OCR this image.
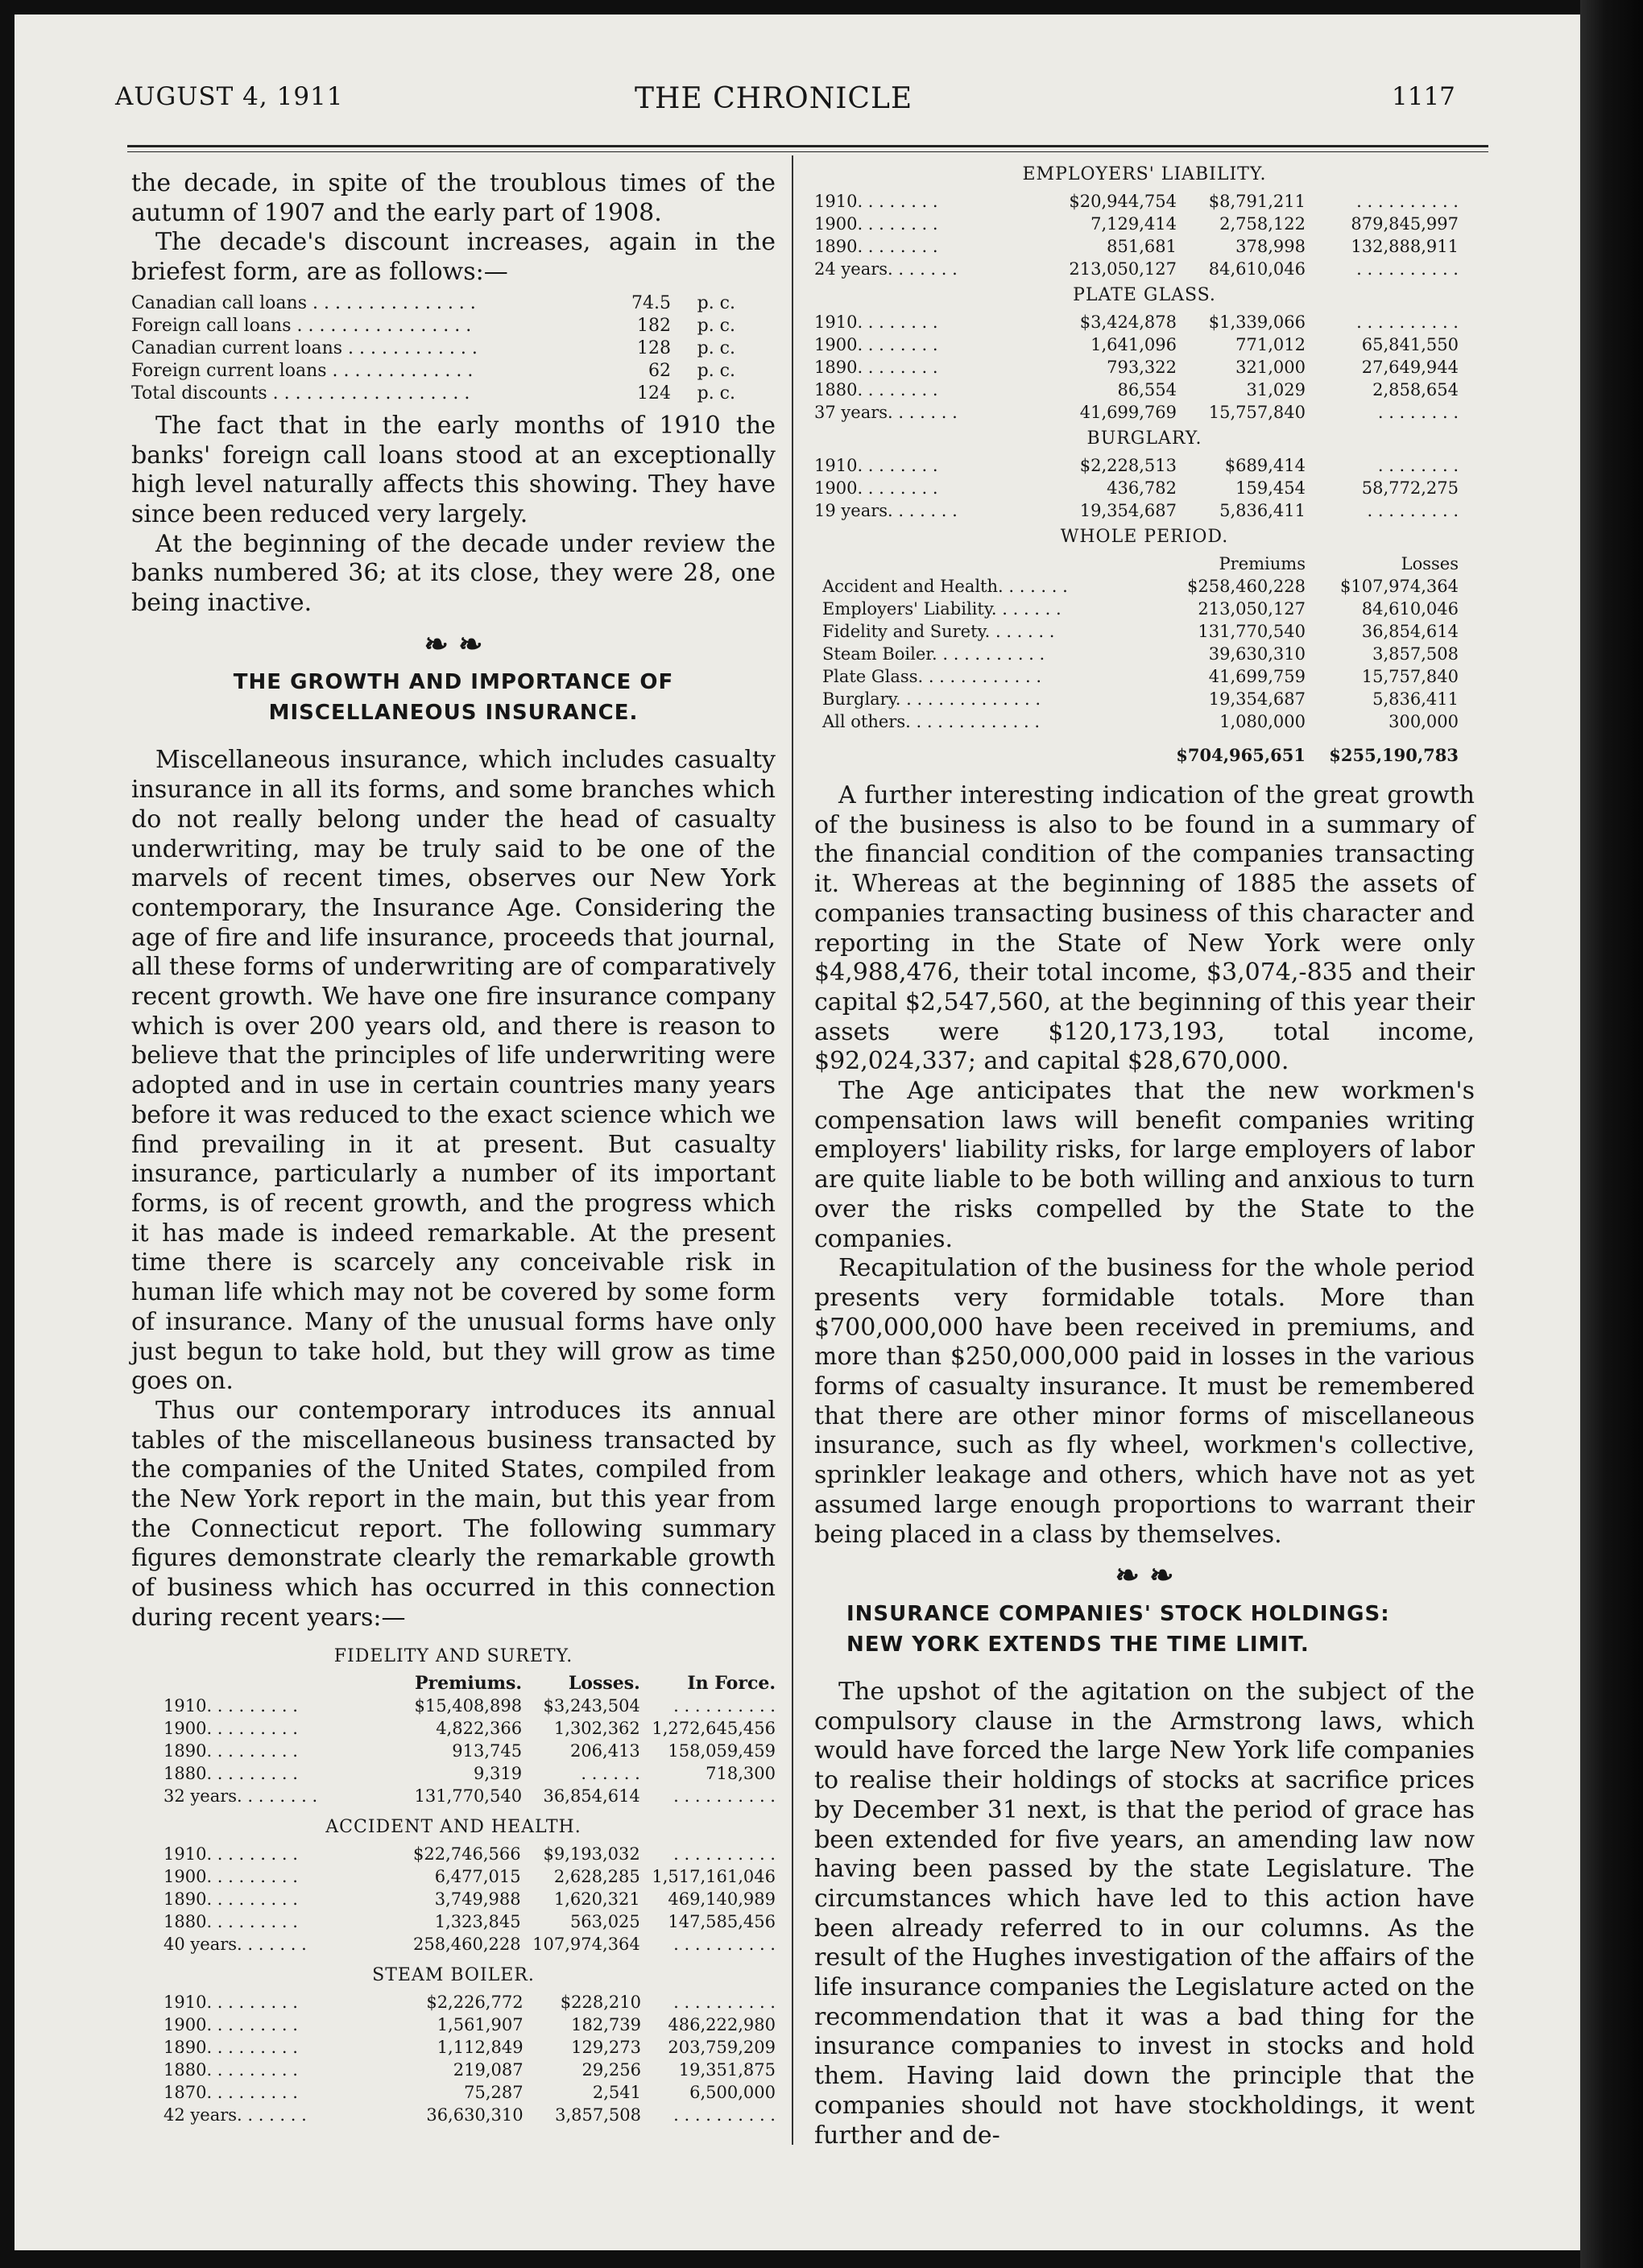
AUGUST 4, 1911	THE CHRONICLE	1117

the decade, in spite of the troublous times of the autumn of 1907 and the early part of 1908.

The decade's discount increases, again in the briefest form, are as follows:—

Canadian call loans . . . . . . . . . . . . . . .	74.5	p. c.
Foreign call loans . . . . . . . . . . . . . . . .	182	p. c.
Canadian current loans . . . . . . . . . . . .	128	p. c.
Foreign current loans . . . . . . . . . . . . .	62	p. c.
Total discounts . . . . . . . . . . . . . . . . . .	124	p. c.

The fact that in the early months of 1910 the banks' foreign call loans stood at an exceptionally high level naturally affects this showing. They have since been reduced very largely.

At the beginning of the decade under review the banks numbered 36; at its close, they were 28, one being inactive.

❧ ❧
THE GROWTH AND IMPORTANCE OF
MISCELLANEOUS INSURANCE.

Miscellaneous insurance, which includes casualty insurance in all its forms, and some branches which do not really belong under the head of casualty underwriting, may be truly said to be one of the marvels of recent times, observes our New York contemporary, the Insurance Age. Considering the age of fire and life insurance, proceeds that journal, all these forms of underwriting are of comparatively recent growth. We have one fire insurance company which is over 200 years old, and there is reason to believe that the principles of life underwriting were adopted and in use in certain countries many years before it was reduced to the exact science which we find prevailing in it at present. But casualty insurance, particularly a number of its important forms, is of recent growth, and the progress which it has made is indeed remarkable. At the present time there is scarcely any conceivable risk in human life which may not be covered by some form of insurance. Many of the unusual forms have only just begun to take hold, but they will grow as time goes on.

Thus our contemporary introduces its annual tables of the miscellaneous business transacted by the companies of the United States, compiled from the New York report in the main, but this year from the Connecticut report. The following summary figures demonstrate clearly the remarkable growth of business which has occurred in this connection during recent years:—

FIDELITY AND SURETY.
	Premiums.	Losses.	In Force.
1910. . . . . . . . .	$15,408,898	$3,243,504	. . . . . . . . . .
1900. . . . . . . . .	4,822,366	1,302,362	1,272,645,456
1890. . . . . . . . .	913,745	206,413	158,059,459
1880. . . . . . . . .	9,319	. . . . . .	718,300
32 years. . . . . . . .	131,770,540	36,854,614	. . . . . . . . . .
ACCIDENT AND HEALTH.
1910. . . . . . . . .	$22,746,566	$9,193,032	. . . . . . . . . .
1900. . . . . . . . .	6,477,015	2,628,285	1,517,161,046
1890. . . . . . . . .	3,749,988	1,620,321	469,140,989
1880. . . . . . . . .	1,323,845	563,025	147,585,456
40 years. . . . . . .	258,460,228	107,974,364	. . . . . . . . . .
STEAM BOILER.
1910. . . . . . . . .	$2,226,772	$228,210	. . . . . . . . . .
1900. . . . . . . . .	1,561,907	182,739	486,222,980
1890. . . . . . . . .	1,112,849	129,273	203,759,209
1880. . . . . . . . .	219,087	29,256	19,351,875
1870. . . . . . . . .	75,287	2,541	6,500,000
42 years. . . . . . .	36,630,310	3,857,508	. . . . . . . . . .
EMPLOYERS' LIABILITY.
1910. . . . . . . .	$20,944,754	$8,791,211	. . . . . . . . . .
1900. . . . . . . .	7,129,414	2,758,122	879,845,997
1890. . . . . . . .	851,681	378,998	132,888,911
24 years. . . . . . .	213,050,127	84,610,046	. . . . . . . . . .
PLATE GLASS.
1910. . . . . . . .	$3,424,878	$1,339,066	. . . . . . . . . .
1900. . . . . . . .	1,641,096	771,012	65,841,550
1890. . . . . . . .	793,322	321,000	27,649,944
1880. . . . . . . .	86,554	31,029	2,858,654
37 years. . . . . . .	41,699,769	15,757,840	. . . . . . . .
BURGLARY.
1910. . . . . . . .	$2,228,513	$689,414	. . . . . . . .
1900. . . . . . . .	436,782	159,454	58,772,275
19 years. . . . . . .	19,354,687	5,836,411	. . . . . . . . .
WHOLE PERIOD.
	Premiums	Losses
Accident and Health. . . . . . .	$258,460,228	$107,974,364
Employers' Liability. . . . . . .	213,050,127	84,610,046
Fidelity and Surety. . . . . . .	131,770,540	36,854,614
Steam Boiler. . . . . . . . . . .	39,630,310	3,857,508
Plate Glass. . . . . . . . . . . .	41,699,759	15,757,840
Burglary. . . . . . . . . . . . . .	19,354,687	5,836,411
All others. . . . . . . . . . . . .	1,080,000	300,000
	$704,965,651	$255,190,783

A further interesting indication of the great growth of the business is also to be found in a summary of the financial condition of the companies transacting it. Whereas at the beginning of 1885 the assets of companies transacting business of this character and reporting in the State of New York were only $4,988,476, their total income, $3,074,-835 and their capital $2,547,560, at the beginning of this year their assets were $120,173,193, total income, $92,024,337; and capital $28,670,000.

The Age anticipates that the new workmen's compensation laws will benefit companies writing employers' liability risks, for large employers of labor are quite liable to be both willing and anxious to turn over the risks compelled by the State to the companies.

Recapitulation of the business for the whole period presents very formidable totals. More than $700,000,000 have been received in premiums, and more than $250,000,000 paid in losses in the various forms of casualty insurance. It must be remembered that there are other minor forms of miscellaneous insurance, such as fly wheel, workmen's collective, sprinkler leakage and others, which have not as yet assumed large enough proportions to warrant their being placed in a class by themselves.

❧ ❧
INSURANCE COMPANIES' STOCK HOLDINGS:
NEW YORK EXTENDS THE TIME LIMIT.

The upshot of the agitation on the subject of the compulsory clause in the Armstrong laws, which would have forced the large New York life companies to realise their holdings of stocks at sacrifice prices by December 31 next, is that the period of grace has been extended for five years, an amending law now having been passed by the state Legislature. The circumstances which have led to this action have been already referred to in our columns. As the result of the Hughes investigation of the affairs of the life insurance companies the Legislature acted on the recommendation that it was a bad thing for the insurance companies to invest in stocks and hold them. Having laid down the principle that the companies should not have stockholdings, it went further and de-
